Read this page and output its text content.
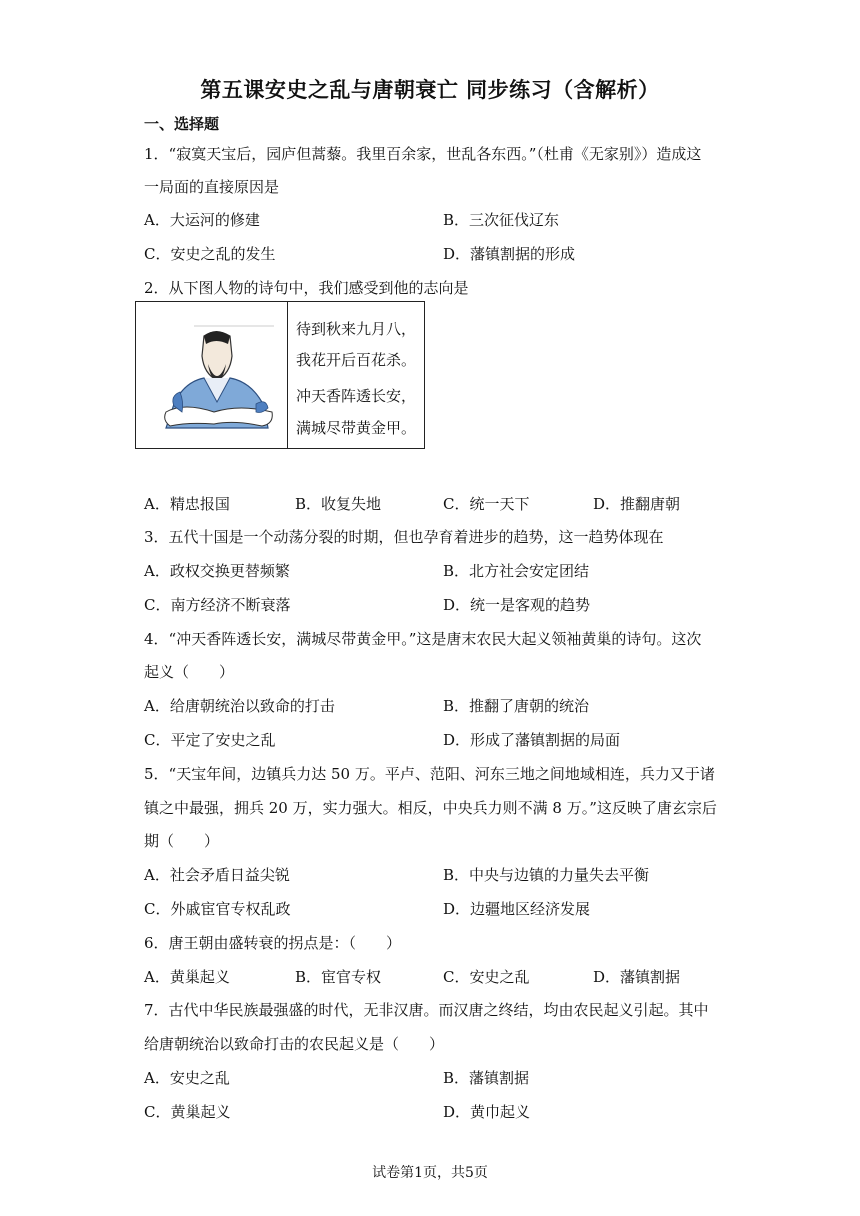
第五课安史之乱与唐朝衰亡 同步练习（含解析）
一、选择题
1．“寂寞天宝后，园庐但蒿藜。我里百余家，世乱各东西。”（杜甫《无家别》）造成这
一局面的直接原因是
A．大运河的修建	B．三次征伐辽东
C．安史之乱的发生	D．藩镇割据的形成
2．从下图人物的诗句中，我们感受到他的志向是
待到秋来九月八，
我花开后百花杀。
冲天香阵透长安，
满城尽带黄金甲。
A．精忠报国	B．收复失地	C．统一天下	D．推翻唐朝
3．五代十国是一个动荡分裂的时期，但也孕育着进步的趋势，这一趋势体现在
A．政权交换更替频繁	B．北方社会安定团结
C．南方经济不断衰落	D．统一是客观的趋势
4．“冲天香阵透长安，满城尽带黄金甲。”这是唐末农民大起义领袖黄巢的诗句。这次
起义（　　）
A．给唐朝统治以致命的打击	B．推翻了唐朝的统治
C．平定了安史之乱	D．形成了藩镇割据的局面
5．“天宝年间，边镇兵力达 50 万。平卢、范阳、河东三地之间地域相连，兵力又于诸
镇之中最强，拥兵 20 万，实力强大。相反，中央兵力则不满 8 万。”这反映了唐玄宗后
期（　　）
A．社会矛盾日益尖锐	B．中央与边镇的力量失去平衡
C．外戚宦官专权乱政	D．边疆地区经济发展
6．唐王朝由盛转衰的拐点是：（　　）
A．黄巢起义	B．宦官专权	C．安史之乱	D．藩镇割据
7．古代中华民族最强盛的时代，无非汉唐。而汉唐之终结，均由农民起义引起。其中
给唐朝统治以致命打击的农民起义是（　　）
A．安史之乱	B．藩镇割据
C．黄巢起义	D．黄巾起义
试卷第1页，共5页
